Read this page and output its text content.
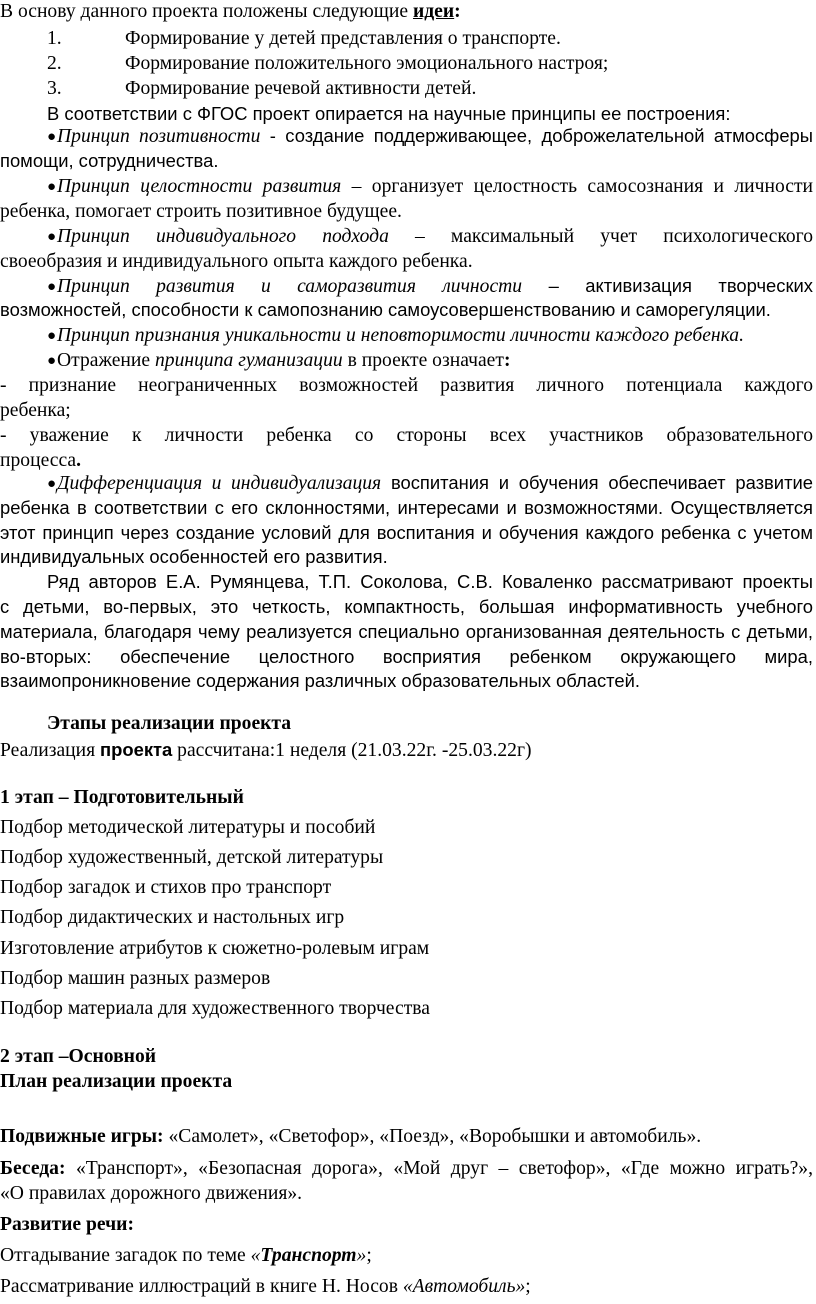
В основу данного проекта положены следующие идеи:
1.	Формирование у детей представления о транспорте.
2.	Формирование положительного эмоционального настроя;
3.	Формирование речевой активности детей.
В соответствии с ФГОС проект опирается на научные принципы ее построения:
●Принцип позитивности - создание поддерживающее, доброжелательной атмосферы
помощи, сотрудничества.
●Принцип целостности развития – организует целостность самосознания и личности
ребенка, помогает строить позитивное будущее.
●Принцип индивидуального подхода – максимальный учет психологического
своеобразия и индивидуального опыта каждого ребенка.
●Принцип развития и саморазвития личности – активизация творческих
возможностей, способности к самопознанию самоусовершенствованию и саморегуляции.
●Принцип признания уникальности и неповторимости личности каждого ребенка.
●Отражение принципа гуманизации в проекте означает:
- признание неограниченных возможностей развития личного потенциала каждого
ребенка;
- уважение к личности ребенка со стороны всех участников образовательного
процесса.
●Дифференциация и индивидуализация воспитания и обучения обеспечивает развитие
ребенка в соответствии с его склонностями, интересами и возможностями. Осуществляется
этот принцип через создание условий для воспитания и обучения каждого ребенка с учетом
индивидуальных особенностей его развития.
Ряд авторов Е.А. Румянцева, Т.П. Соколова, С.В. Коваленко рассматривают проекты
с детьми, во-первых, это четкость, компактность, большая информативность учебного
материала, благодаря чему реализуется специально организованная деятельность с детьми,
во-вторых: обеспечение целостного восприятия ребенком окружающего мира,
взаимопроникновение содержания различных образовательных областей.
Этапы реализации проекта
Реализация проекта рассчитана:1 неделя (21.03.22г. -25.03.22г)
1 этап – Подготовительный
Подбор методической литературы и пособий
Подбор художественный, детской литературы
Подбор загадок и стихов про транспорт
Подбор дидактических и настольных игр
Изготовление атрибутов к сюжетно-ролевым играм
Подбор машин разных размеров
Подбор материала для художественного творчества
2 этап –Основной
План реализации проекта
Подвижные игры: «Самолет», «Светофор», «Поезд», «Воробышки и автомобиль».
Беседа: «Транспорт», «Безопасная дорога», «Мой друг – светофор», «Где можно играть?»,
«О правилах дорожного движения».
Развитие речи:
Отгадывание загадок по теме «Транспорт»;
Рассматривание иллюстраций в книге Н. Носов «Автомобиль»;
